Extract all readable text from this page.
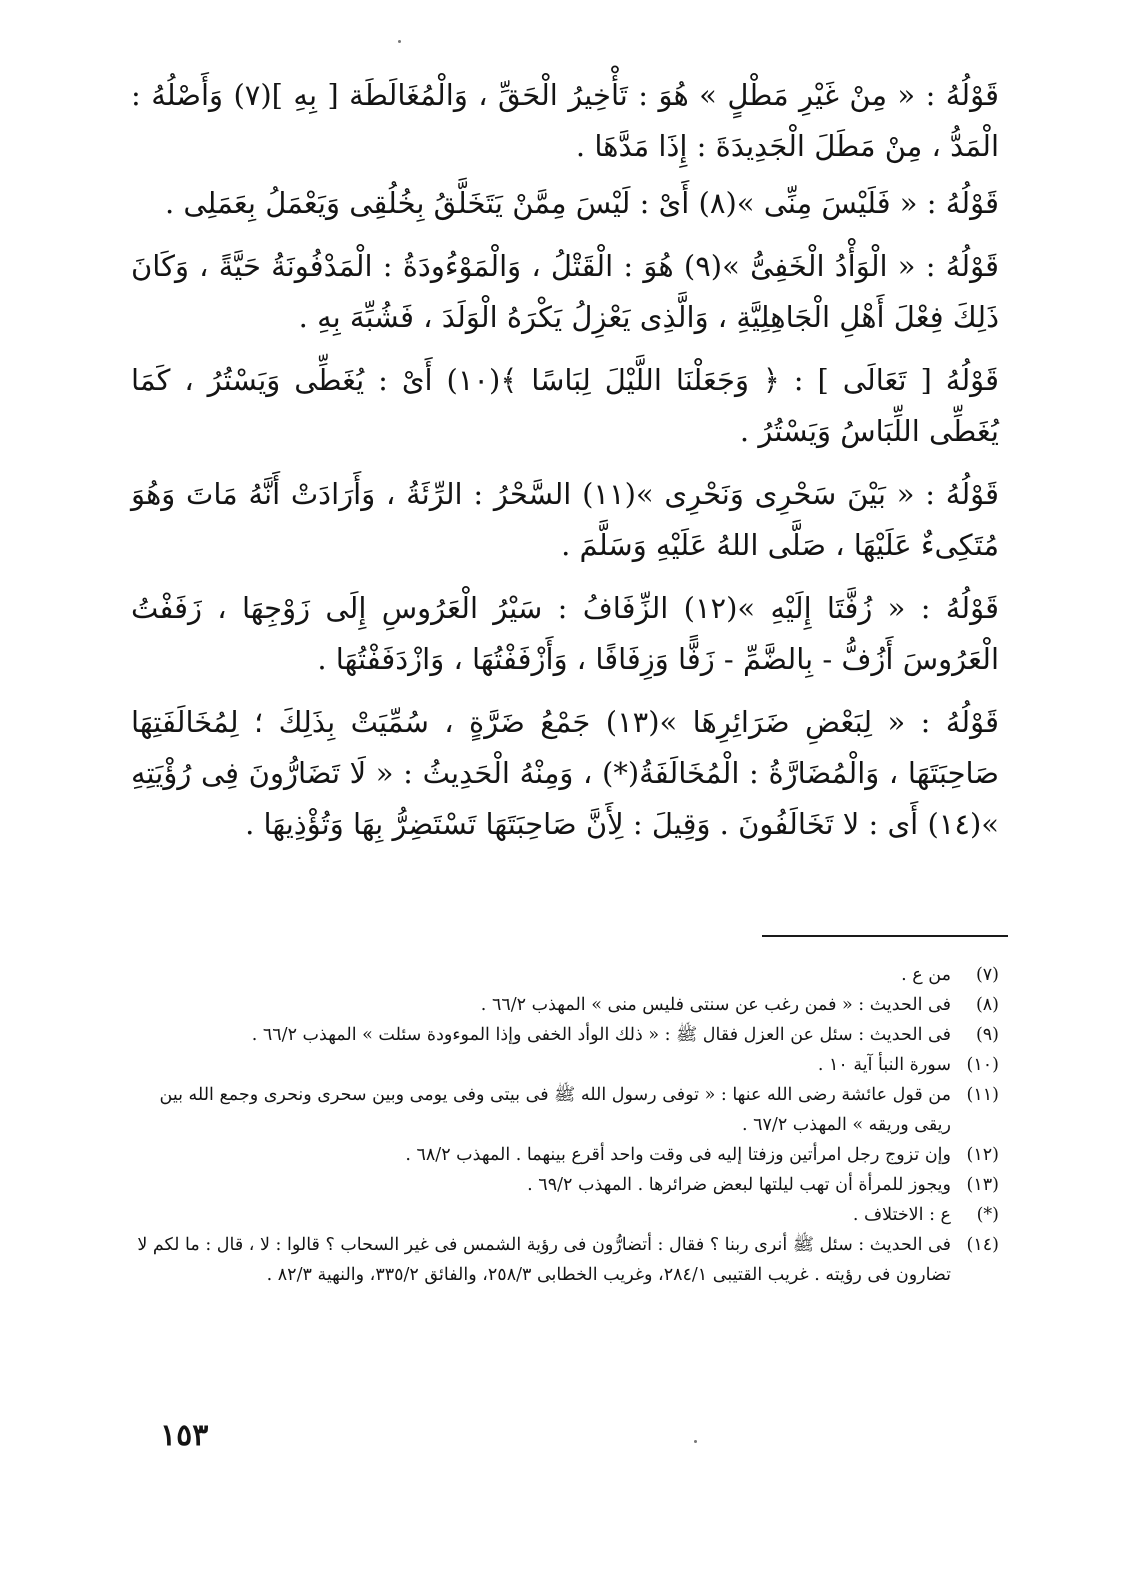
قَوْلُهُ : « مِنْ غَيْرِ مَطْلٍ » هُوَ : تَأْخِيرُ الْحَقِّ ، وَالْمُغَالَطَة [ بِهِ ](٧) وَأَصْلُهُ : الْمَدُّ ، مِنْ مَطَلَ الْجَدِيدَةَ : إِذَا مَدَّهَا .

قَوْلُهُ : « فَلَيْسَ مِنِّى »(٨) أَىْ : لَيْسَ مِمَّنْ يَتَخَلَّقُ بِخُلُقِى وَيَعْمَلُ بِعَمَلِى .

قَوْلُهُ : « الْوَأْدُ الْخَفِىُّ »(٩) هُوَ : الْقَتْلُ ، وَالْمَوْءُودَةُ : الْمَدْفُونَةُ حَيَّةً ، وَكَانَ ذَلِكَ فِعْلَ أَهْلِ الْجَاهِلِيَّةِ ، وَالَّذِى يَعْزِلُ يَكْرَهُ الْوَلَدَ ، فَشُبِّهَ بِهِ .

قَوْلُهُ [ تَعَالَى ] : ﴿ وَجَعَلْنَا اللَّيْلَ لِبَاسًا ﴾(١٠) أَىْ : يُغَطِّى وَيَسْتُرُ ، كَمَا يُغَطِّى اللِّبَاسُ وَيَسْتُرُ .

قَوْلُهُ : « بَيْنَ سَحْرِى وَنَحْرِى »(١١) السَّحْرُ : الرِّئَةُ ، وَأَرَادَتْ أَنَّهُ مَاتَ وَهُوَ مُتَكِىءٌ عَلَيْهَا ، صَلَّى اللهُ عَلَيْهِ وَسَلَّمَ .

قَوْلُهُ : « زُفَّتَا إِلَيْهِ »(١٢) الزِّفَافُ : سَيْرُ الْعَرُوسِ إِلَى زَوْجِهَا ، زَفَفْتُ الْعَرُوسَ أَزُفُّ - بِالضَّمِّ - زَفًّا وَزِفَافًا ، وَأَزْفَفْتُهَا ، وَازْدَفَفْتُهَا .

قَوْلُهُ : « لِبَعْضِ ضَرَائِرِهَا »(١٣) جَمْعُ ضَرَّةٍ ، سُمِّيَتْ بِذَلِكَ ؛ لِمُخَالَفَتِهَا صَاحِبَتَهَا ، وَالْمُضَارَّةُ : الْمُخَالَفَةُ(*) ، وَمِنْهُ الْحَدِيثُ : « لَا تَضَارُّونَ فِى رُؤْيَتِهِ »(١٤) أَى : لا تَخَالَفُونَ . وَقِيلَ : لِأَنَّ صَاحِبَتَهَا تَسْتَضِرُّ بِهَا وَتُؤْذِيهَا .

(٧)
من ع .
(٨)
فى الحديث : « فمن رغب عن سنتى فليس منى » المهذب ٦٦/٢ .
(٩)
فى الحديث : سئل عن العزل فقال ﷺ : « ذلك الوأد الخفى وإذا الموءودة سئلت » المهذب ٦٦/٢ .
(١٠)
سورة النبأ آية ١٠ .
(١١)
من قول عائشة رضى الله عنها : « توفى رسول الله ﷺ فى بيتى وفى يومى وبين سحرى ونحرى وجمع الله بين ريقى وريقه » المهذب ٦٧/٢ .
(١٢)
وإن تزوج رجل امرأتين وزفتا إليه فى وقت واحد أقرع بينهما . المهذب ٦٨/٢ .
(١٣)
ويجوز للمرأة أن تهب ليلتها لبعض ضرائرها . المهذب ٦٩/٢ .
(*)
ع : الاختلاف .
(١٤)
فى الحديث : سئل ﷺ أنرى ربنا ؟ فقال : أتضارُّون فى رؤية الشمس فى غير السحاب ؟ قالوا : لا ، قال : ما لكم لا تضارون فى رؤيته . غريب القتيبى ٢٨٤/١، وغريب الخطابى ٢٥٨/٣، والفائق ٣٣٥/٢، والنهية ٨٢/٣ .
١٥٣
